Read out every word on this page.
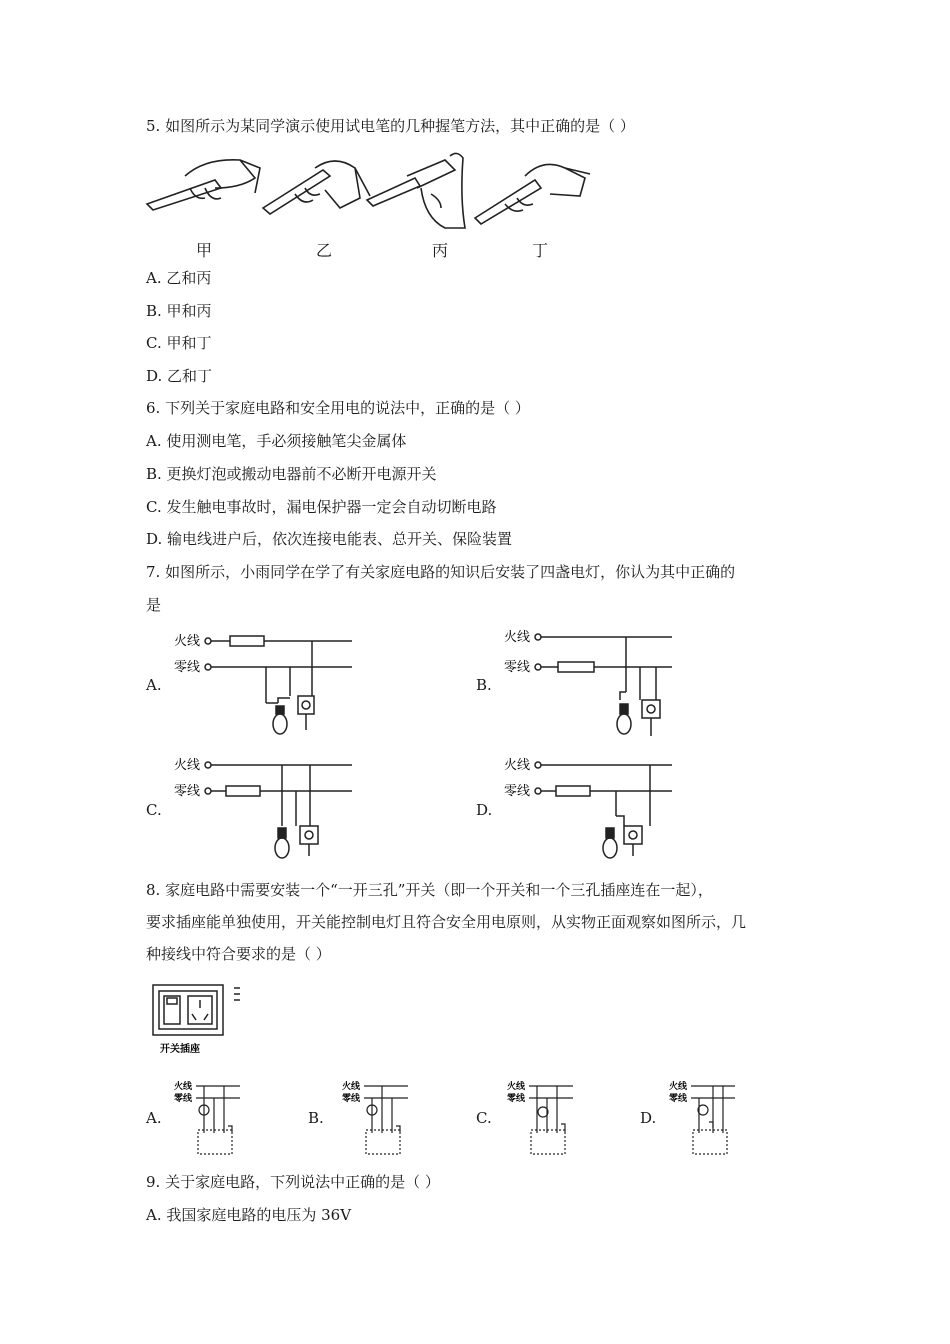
5. 如图所示为某同学演示使用试电笔的几种握笔方法，其中正确的是（ ）
甲	乙	丙	丁
A. 乙和丙
B. 甲和丙
C. 甲和丁
D. 乙和丁
6. 下列关于家庭电路和安全用电的说法中，正确的是（ ）
A. 使用测电笔，手必须接触笔尖金属体
B. 更换灯泡或搬动电器前不必断开电源开关
C. 发生触电事故时，漏电保护器一定会自动切断电路
D. 输电线进户后，依次连接电能表、总开关、保险装置
7. 如图所示，小雨同学在学了有关家庭电路的知识后安装了四盏电灯，你认为其中正确的
是
A.
火线
零线
B.
火线
零线
C.
火线
零线
D.
火线
零线
8. 家庭电路中需要安装一个“一开三孔”开关（即一个开关和一个三孔插座连在一起），
要求插座能单独使用，开关能控制电灯且符合安全用电原则，从实物正面观察如图所示，几
种接线中符合要求的是（ ）
开关插座
A.
火线
零线
B.
火线
零线
C.
火线
零线
D.
火线
零线
9. 关于家庭电路，下列说法中正确的是（ ）
A. 我国家庭电路的电压为 36V
